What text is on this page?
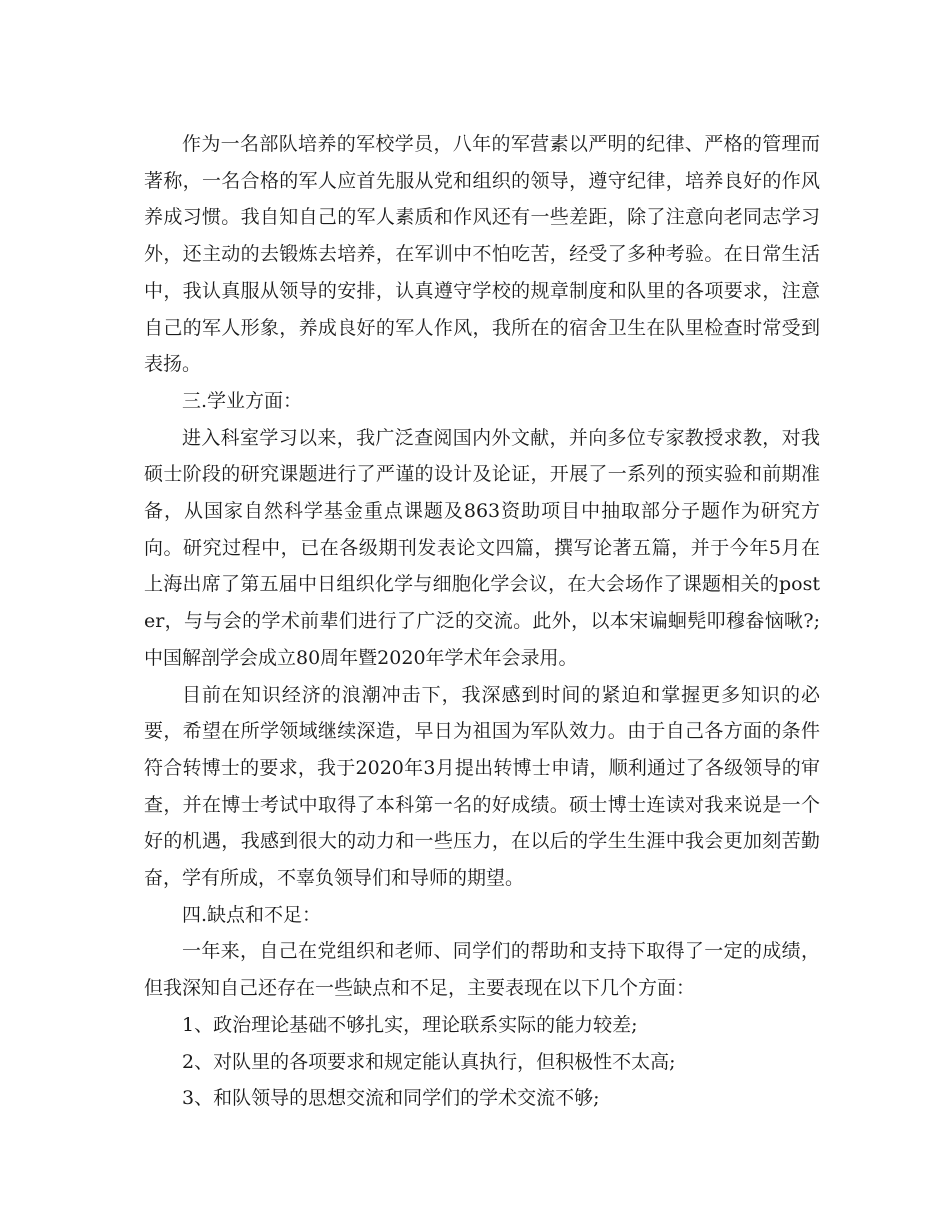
作为一名部队培养的军校学员，八年的军营素以严明的纪律、严格的管理而著称，一名合格的军人应首先服从党和组织的领导，遵守纪律，培养良好的作风养成习惯。我自知自己的军人素质和作风还有一些差距，除了注意向老同志学习外，还主动的去锻炼去培养，在军训中不怕吃苦，经受了多种考验。在日常生活中，我认真服从领导的安排，认真遵守学校的规章制度和队里的各项要求，注意自己的军人形象，养成良好的军人作风，我所在的宿舍卫生在队里检查时常受到表扬。

三.学业方面：

进入科室学习以来，我广泛查阅国内外文献，并向多位专家教授求教，对我硕士阶段的研究课题进行了严谨的设计及论证，开展了一系列的预实验和前期准备，从国家自然科学基金重点课题及863资助项目中抽取部分子题作为研究方向。研究过程中，已在各级期刊发表论文四篇，撰写论著五篇，并于今年5月在上海出席了第五届中日组织化学与细胞化学会议，在大会场作了课题相关的poster，与与会的学术前辈们进行了广泛的交流。此外，以本宋谝蛔髡叩穆畚恼啾?;中国解剖学会成立80周年暨2020年学术年会录用。

目前在知识经济的浪潮冲击下，我深感到时间的紧迫和掌握更多知识的必要，希望在所学领域继续深造，早日为祖国为军队效力。由于自己各方面的条件符合转博士的要求，我于2020年3月提出转博士申请，顺利通过了各级领导的审查，并在博士考试中取得了本科第一名的好成绩。硕士博士连读对我来说是一个好的机遇，我感到很大的动力和一些压力，在以后的学生生涯中我会更加刻苦勤奋，学有所成，不辜负领导们和导师的期望。

四.缺点和不足：

一年来，自己在党组织和老师、同学们的帮助和支持下取得了一定的成绩，但我深知自己还存在一些缺点和不足，主要表现在以下几个方面：

1、政治理论基础不够扎实，理论联系实际的能力较差;

2、对队里的各项要求和规定能认真执行，但积极性不太高;

3、和队领导的思想交流和同学们的学术交流不够;
